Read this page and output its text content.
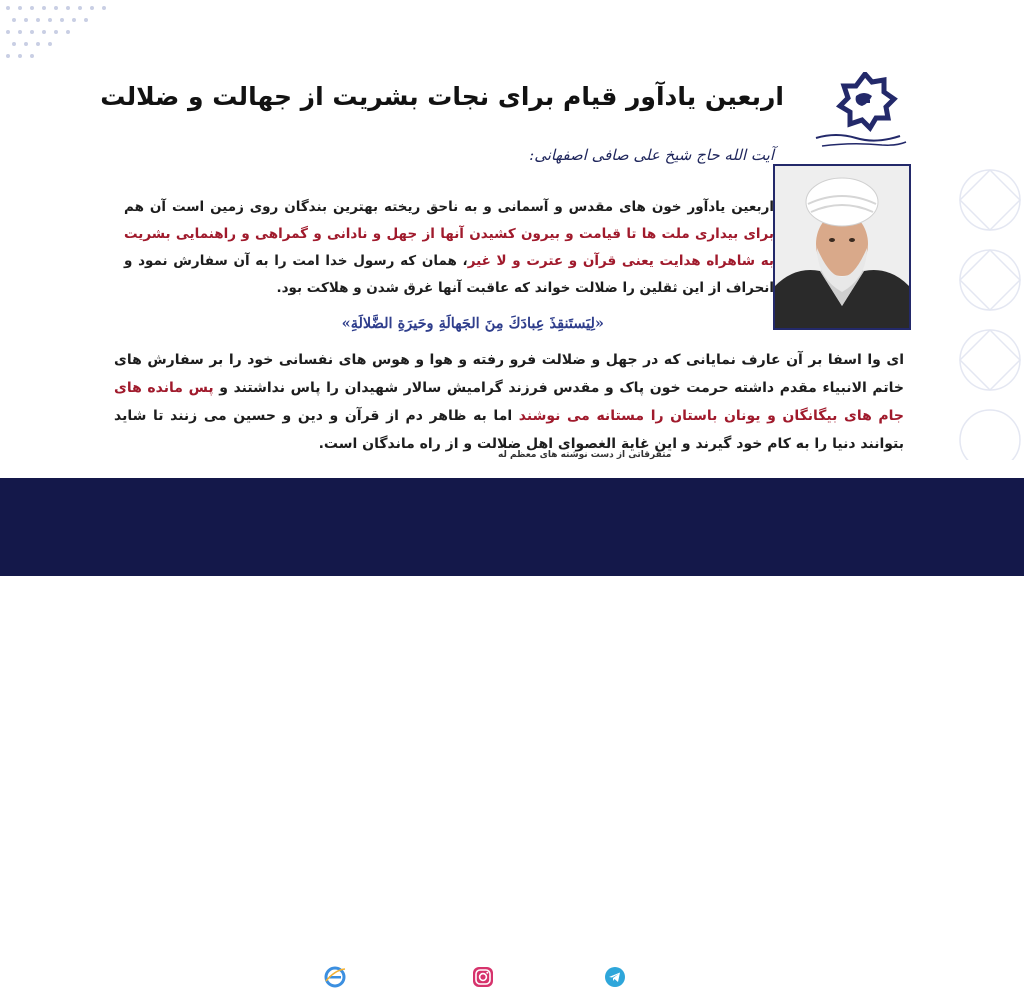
اربعین یادآور قیام برای نجات بشریت از جهالت و ضلالت
آیت الله حاج شیخ علی صافی اصفهانی:
اربعین یادآور خون های مقدس و آسمانی و به ناحق ریخته بهترین بندگان روی زمین است آن هم برای بیداری ملت ها تا قیامت و بیرون کشیدن آنها از جهل و نادانی و گمراهی و راهنمایی بشریت به شاهراه هدایت یعنی قرآن و عترت و لا غیر، همان که رسول خدا امت را به آن سفارش نمود و انحراف از این ثقلین را ضلالت خواند که عاقبت آنها غرق شدن و هلاکت بود.
«لِيَستَنقِذَ عِبادَكَ مِنَ الجَهالَةِ وحَيرَةِ الضَّلالَةِ»
ای وا اسفا بر آن عارف نمایانی که در جهل و ضلالت فرو رفته و هوا و هوس های نفسانی خود را بر سفارش های خاتم الانبیاء مقدم داشته حرمت خون پاک و مقدس فرزند گرامیش سالار شهیدان را پاس نداشتند و پس مانده های جام های بیگانگان و یونان باستان را مستانه می نوشند اما به ظاهر دم از قرآن و دین و حسین می زنند تا شاید بتوانند دنیا را به کام خود گیرند و این غایة الغصوای اهل ضلالت و از راه ماندگان است.
متفرقاتی از دست نوشته های معظم له
safiesfahani.com	safiesfahani	AyatollahSafiEsfahani
